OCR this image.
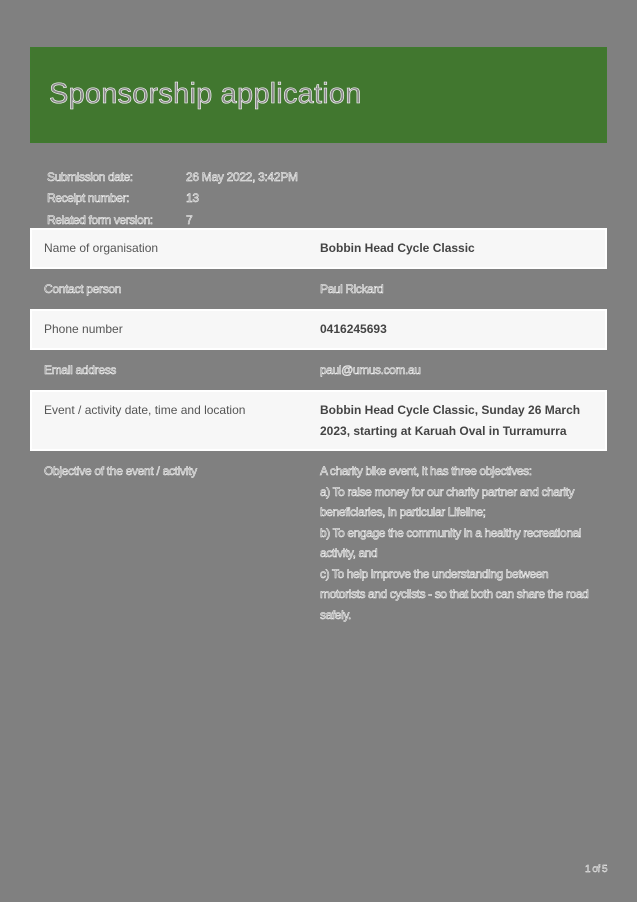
Sponsorship application
Submission date:	26 May 2022, 3:42PM
Receipt number:	13
Related form version:	7
Name of organisation	Bobbin Head Cycle Classic
Contact person	Paul Rickard
Phone number	0416245693
Email address	paul@umus.com.au
Event / activity date, time and location	Bobbin Head Cycle Classic, Sunday 26 March 2023, starting at Karuah Oval in Turramurra
Objective of the event / activity	A charity bike event, it has three objectives:
a) To raise money for our charity partner and charity beneficiaries, in particular Lifeline;
b) To engage the community in a healthy recreational activity, and
c) To help improve the understanding between motorists and cyclists - so that both can share the road safely.
1 of 5
